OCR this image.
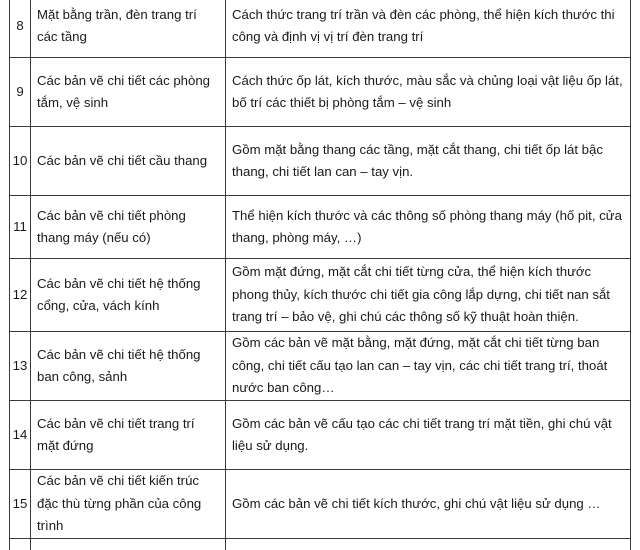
8	Mặt bằng trần, đèn trang trí các tầng	Cách thức trang trí trần và đèn các phòng, thể hiện kích thước thi công và định vị vị trí đèn trang trí
9	Các bản vẽ chi tiết các phòng tắm, vệ sinh	Cách thức ốp lát, kích thước, màu sắc và chủng loại vật liệu ốp lát, bố trí các thiết bị phòng tắm – vệ sinh
10	Các bản vẽ chi tiết cầu thang	Gồm mặt bằng thang các tầng, mặt cắt thang, chi tiết ốp lát bậc thang, chi tiết lan can – tay vịn.
11	Các bản vẽ chi tiết phòng thang máy (nếu có)	Thể hiện kích thước và các thông số phòng thang máy (hố pit, cửa thang, phòng máy, …)
12	Các bản vẽ chi tiết hệ thống cổng, cửa, vách kính	Gồm mặt đứng, mặt cắt chi tiết từng cửa, thể hiện kích thước phong thủy, kích thước chi tiết gia công lắp dựng, chi tiết nan sắt trang trí – bảo vệ, ghi chú các thông số kỹ thuật hoàn thiện.
13	Các bản vẽ chi tiết hệ thống ban công, sảnh	Gồm các bản vẽ mặt bằng, mặt đứng, mặt cắt chi tiết từng ban công, chi tiết cấu tạo lan can – tay vịn, các chi tiết trang trí, thoát nước ban công…
14	Các bản vẽ chi tiết trang trí mặt đứng	Gồm các bản vẽ cấu tạo các chi tiết trang trí mặt tiền, ghi chú vật liệu sử dụng.
15	Các bản vẽ chi tiết kiến trúc đặc thù từng phần của công trình	Gồm các bản vẽ chi tiết kích thước, ghi chú vật liệu sử dụng …
